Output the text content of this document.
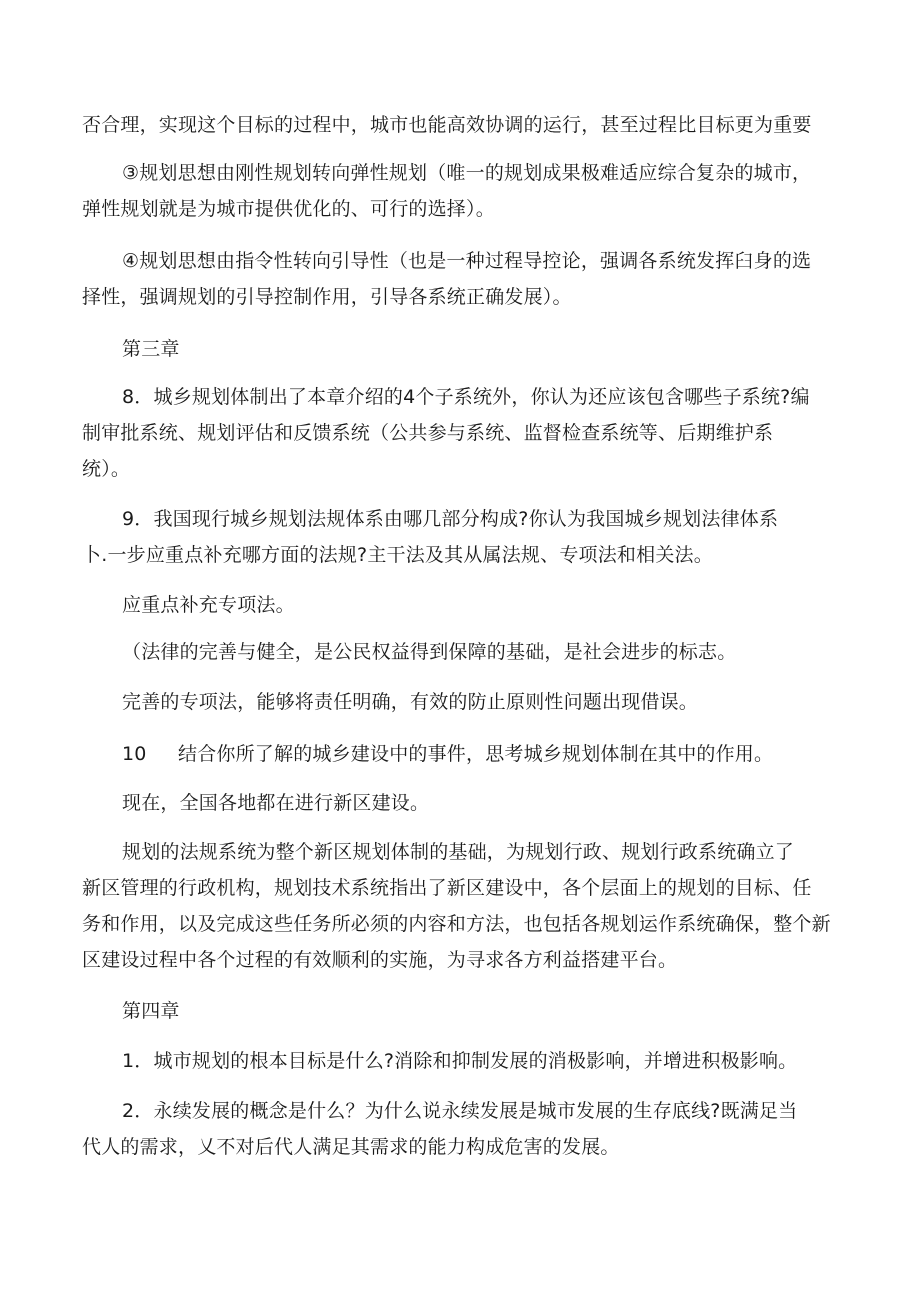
否合理，实现这个目标的过程中，城市也能高效协调的运行，甚至过程比目标更为重要
③规划思想由刚性规划转向弹性规划（唯一的规划成果极难适应综合复杂的城市，
弹性规划就是为城市提供优化的、可行的选择）。
④规划思想由指令性转向引导性（也是一种过程导控论，强调各系统发挥臼身的选
择性，强调规划的引导控制作用，引导各系统正确发展）。
第三章
8．城乡规划体制出了本章介绍的4个子系统外，你认为还应该包含哪些子系统?编
制审批系统、规划评估和反馈系统（公共参与系统、监督检查系统等、后期维护系
统）。
9．我国现行城乡规划法规体系由哪几部分构成?你认为我国城乡规划法律体系
卜.一步应重点补充哪方面的法规?主干法及其从属法规、专项法和相关法。
应重点补充专项法。
（法律的完善与健全，是公民权益得到保障的基础，是社会进步的标志。
完善的专项法，能够将责任明确，有效的防止原则性问题出现借误。
10 结合你所了解的城乡建设中的事件，思考城乡规划体制在其中的作用。
现在，全国各地都在进行新区建设。
规划的法规系统为整个新区规划体制的基础，为规划行政、规划行政系统确立了
新区管理的行政机构，规划技术系统指出了新区建设中，各个层面上的规划的目标、任
务和作用，以及完成这些任务所必须的内容和方法，也包括各规划运作系统确保，整个新
区建设过程中各个过程的有效顺利的实施，为寻求各方利益搭建平台。
第四章
1．城市规划的根本目标是什么?消除和抑制发展的消极影响，并增进积极影响。
2．永续发展的概念是什么？为什么说永续发展是城市发展的生存底线?既满足当
代人的需求，乂不对后代人满足其需求的能力构成危害的发展。
